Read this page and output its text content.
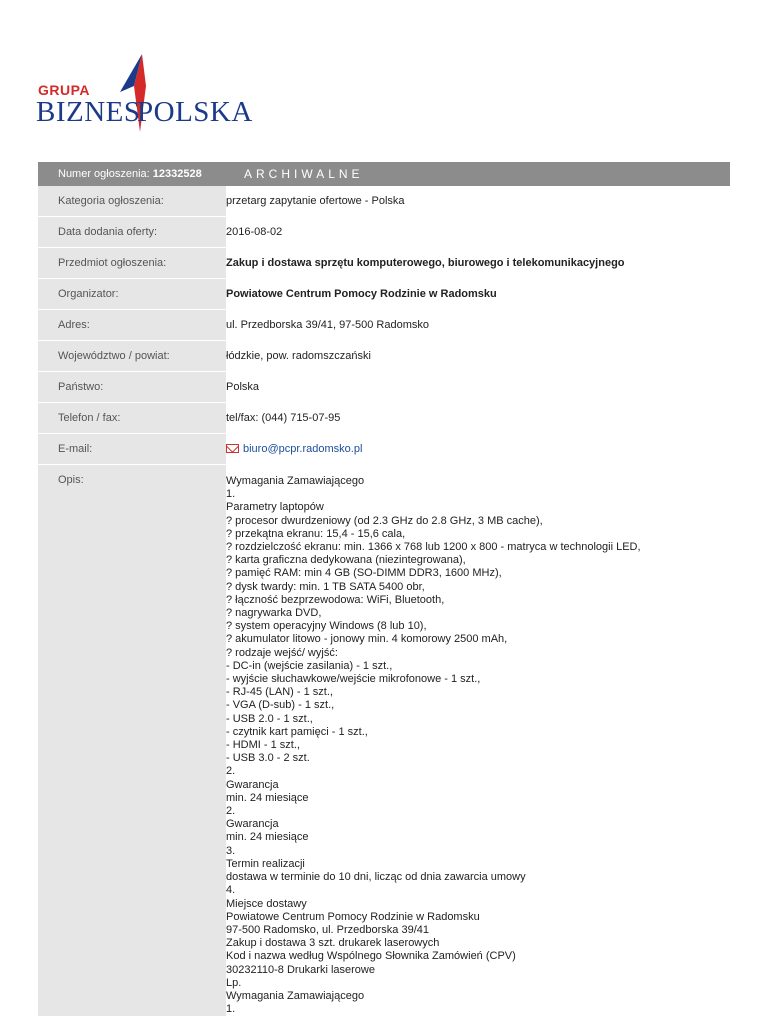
GRUPA
BIZNES
POLSKA
Numer ogłoszenia: 12332528	ARCHIWALNE
Kategoria ogłoszenia:	przetarg zapytanie ofertowe - Polska
Data dodania oferty:	2016-08-02
Przedmiot ogłoszenia:	Zakup i dostawa sprzętu komputerowego, biurowego i telekomunikacyjnego
Organizator:	Powiatowe Centrum Pomocy Rodzinie w Radomsku
Adres:	ul. Przedborska 39/41, 97-500 Radomsko
Województwo / powiat:	łódzkie, pow. radomszczański
Państwo:	Polska
Telefon / fax:	tel/fax: (044) 715-07-95
E-mail:	biuro@pcpr.radomsko.pl
Opis:	Wymagania Zamawiającego
1.
Parametry laptopów
? procesor dwurdzeniowy (od 2.3 GHz do 2.8 GHz, 3 MB cache),
? przekątna ekranu: 15,4 - 15,6 cala,
? rozdzielczość ekranu: min. 1366 x 768 lub 1200 x 800 - matryca w technologii LED,
? karta graficzna dedykowana (niezintegrowana),
? pamięć RAM: min 4 GB (SO-DIMM DDR3, 1600 MHz),
? dysk twardy: min. 1 TB SATA 5400 obr,
? łączność bezprzewodowa: WiFi, Bluetooth,
? nagrywarka DVD,
? system operacyjny Windows (8 lub 10),
? akumulator litowo - jonowy min. 4 komorowy 2500 mAh,
? rodzaje wejść/ wyjść:
- DC-in (wejście zasilania) - 1 szt.,
- wyjście słuchawkowe/wejście mikrofonowe - 1 szt.,
- RJ-45 (LAN) - 1 szt.,
- VGA (D-sub) - 1 szt.,
- USB 2.0 - 1 szt.,
- czytnik kart pamięci - 1 szt.,
- HDMI - 1 szt.,
- USB 3.0 - 2 szt.
2.
Gwarancja
min. 24 miesiące
2.
Gwarancja
min. 24 miesiące
3.
Termin realizacji
dostawa w terminie do 10 dni, licząc od dnia zawarcia umowy
4.
Miejsce dostawy
Powiatowe Centrum Pomocy Rodzinie w Radomsku
97-500 Radomsko, ul. Przedborska 39/41
Zakup i dostawa 3 szt. drukarek laserowych
Kod i nazwa według Wspólnego Słownika Zamówień (CPV)
30232110-8 Drukarki laserowe
Lp.
Wymagania Zamawiającego
1.
